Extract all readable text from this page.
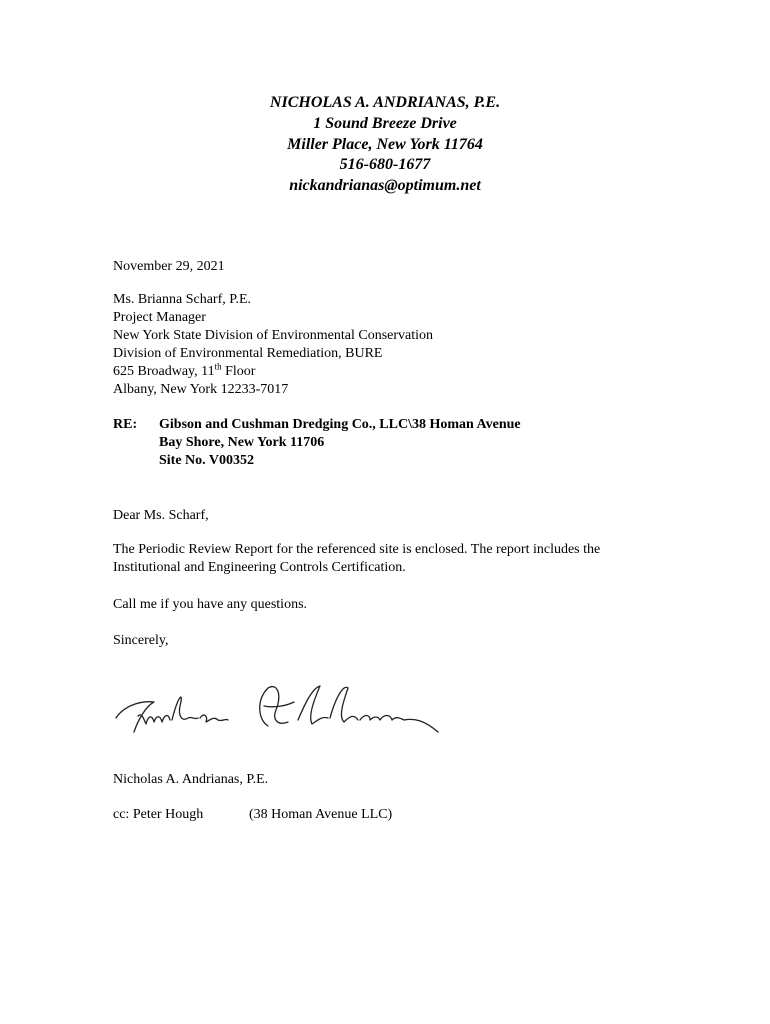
NICHOLAS A. ANDRIANAS, P.E.
1 Sound Breeze Drive
Miller Place, New York 11764
516-680-1677
nickandrianas@optimum.net
November 29, 2021
Ms. Brianna Scharf, P.E.
Project Manager
New York State Division of Environmental Conservation
Division of Environmental Remediation, BURE
625 Broadway, 11th Floor
Albany, New York 12233-7017
RE: Gibson and Cushman Dredging Co., LLC\38 Homan Avenue
Bay Shore, New York 11706
Site No. V00352
Dear Ms. Scharf,
The Periodic Review Report for the referenced site is enclosed. The report includes the
Institutional and Engineering Controls Certification.
Call me if you have any questions.
Sincerely,
Nicholas A. Andrianas, P.E.
cc: Peter Hough	(38 Homan Avenue LLC)
